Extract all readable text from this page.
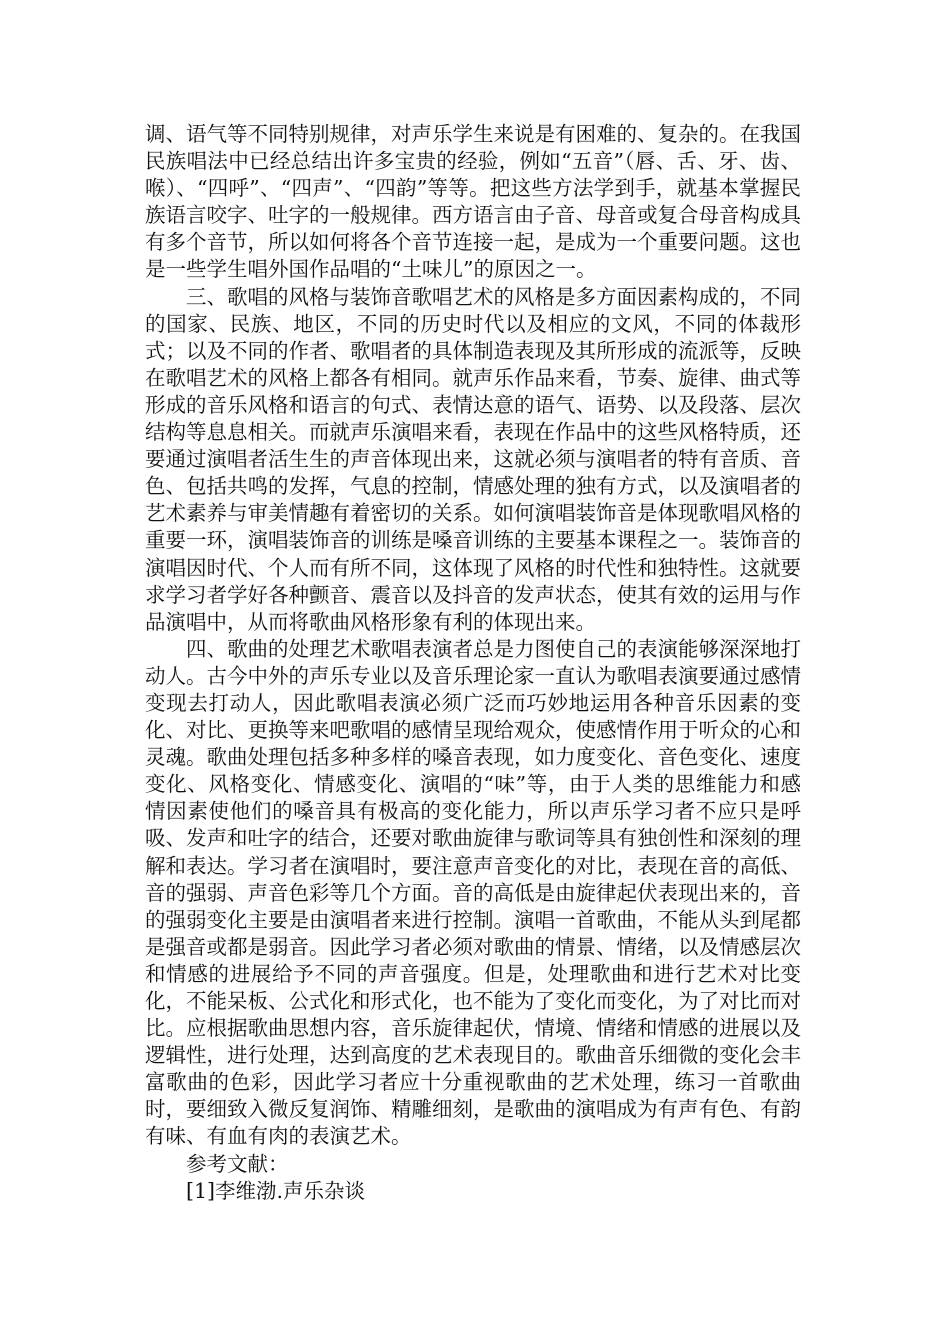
调、语气等不同特别规律，对声乐学生来说是有困难的、复杂的。在我国民族唱法中已经总结出许多宝贵的经验，例如“五音”（唇、舌、牙、齿、喉）、“四呼”、“四声”、“四韵”等等。把这些方法学到手，就基本掌握民族语言咬字、吐字的一般规律。西方语言由子音、母音或复合母音构成具有多个音节，所以如何将各个音节连接一起，是成为一个重要问题。这也是一些学生唱外国作品唱的“土味儿”的原因之一。

三、歌唱的风格与装饰音歌唱艺术的风格是多方面因素构成的，不同的国家、民族、地区，不同的历史时代以及相应的文风，不同的体裁形式；以及不同的作者、歌唱者的具体制造表现及其所形成的流派等，反映在歌唱艺术的风格上都各有相同。就声乐作品来看，节奏、旋律、曲式等形成的音乐风格和语言的句式、表情达意的语气、语势、以及段落、层次结构等息息相关。而就声乐演唱来看，表现在作品中的这些风格特质，还要通过演唱者活生生的声音体现出来，这就必须与演唱者的特有音质、音色、包括共鸣的发挥，气息的控制，情感处理的独有方式，以及演唱者的艺术素养与审美情趣有着密切的关系。如何演唱装饰音是体现歌唱风格的重要一环，演唱装饰音的训练是嗓音训练的主要基本课程之一。装饰音的演唱因时代、个人而有所不同，这体现了风格的时代性和独特性。这就要求学习者学好各种颤音、震音以及抖音的发声状态，使其有效的运用与作品演唱中，从而将歌曲风格形象有利的体现出来。

四、歌曲的处理艺术歌唱表演者总是力图使自己的表演能够深深地打动人。古今中外的声乐专业以及音乐理论家一直认为歌唱表演要通过感情变现去打动人，因此歌唱表演必须广泛而巧妙地运用各种音乐因素的变化、对比、更换等来吧歌唱的感情呈现给观众，使感情作用于听众的心和灵魂。歌曲处理包括多种多样的嗓音表现，如力度变化、音色变化、速度变化、风格变化、情感变化、演唱的“味”等，由于人类的思维能力和感情因素使他们的嗓音具有极高的变化能力，所以声乐学习者不应只是呼吸、发声和吐字的结合，还要对歌曲旋律与歌词等具有独创性和深刻的理解和表达。学习者在演唱时，要注意声音变化的对比，表现在音的高低、音的强弱、声音色彩等几个方面。音的高低是由旋律起伏表现出来的，音的强弱变化主要是由演唱者来进行控制。演唱一首歌曲，不能从头到尾都是强音或都是弱音。因此学习者必须对歌曲的情景、情绪，以及情感层次和情感的进展给予不同的声音强度。但是，处理歌曲和进行艺术对比变化，不能呆板、公式化和形式化，也不能为了变化而变化，为了对比而对比。应根据歌曲思想内容，音乐旋律起伏，情境、情绪和情感的进展以及逻辑性，进行处理，达到高度的艺术表现目的。歌曲音乐细微的变化会丰富歌曲的色彩，因此学习者应十分重视歌曲的艺术处理，练习一首歌曲时，要细致入微反复润饰、精雕细刻，是歌曲的演唱成为有声有色、有韵有味、有血有肉的表演艺术。

参考文献：

[1]李维渤.声乐杂谈
